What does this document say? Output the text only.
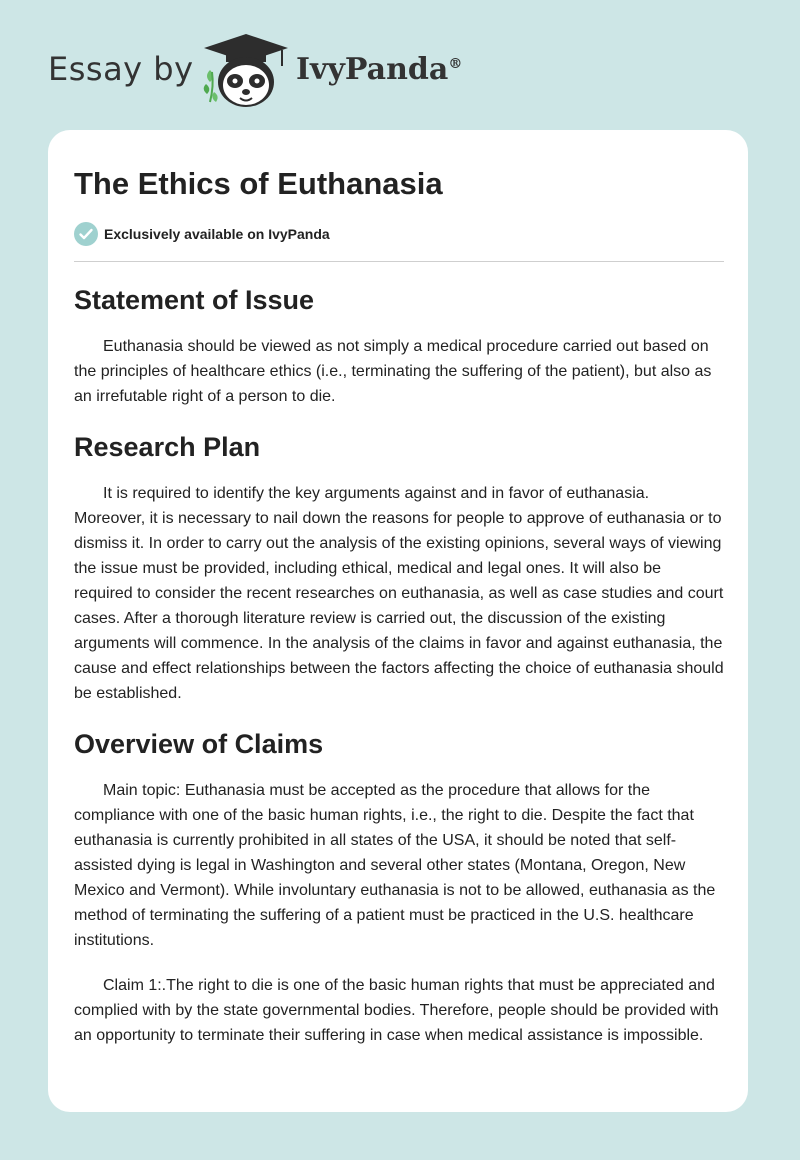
Essay by	IvyPanda®
The Ethics of Euthanasia
Exclusively available on IvyPanda
Statement of Issue

Euthanasia should be viewed as not simply a medical procedure carried out based on the principles of healthcare ethics (i.e., terminating the suffering of the patient), but also as an irrefutable right of a person to die.

Research Plan

It is required to identify the key arguments against and in favor of euthanasia. Moreover, it is necessary to nail down the reasons for people to approve of euthanasia or to dismiss it. In order to carry out the analysis of the existing opinions, several ways of viewing the issue must be provided, including ethical, medical and legal ones. It will also be required to consider the recent researches on euthanasia, as well as case studies and court cases. After a thorough literature review is carried out, the discussion of the existing arguments will commence. In the analysis of the claims in favor and against euthanasia, the cause and effect relationships between the factors affecting the choice of euthanasia should be established.

Overview of Claims

Main topic: Euthanasia must be accepted as the procedure that allows for the compliance with one of the basic human rights, i.e., the right to die. Despite the fact that euthanasia is currently prohibited in all states of the USA, it should be noted that self-assisted dying is legal in Washington and several other states (Montana, Oregon, New Mexico and Vermont). While involuntary euthanasia is not to be allowed, euthanasia as the method of terminating the suffering of a patient must be practiced in the U.S. healthcare institutions.

Claim 1:.The right to die is one of the basic human rights that must be appreciated and complied with by the state governmental bodies. Therefore, people should be provided with an opportunity to terminate their suffering in case when medical assistance is impossible.
